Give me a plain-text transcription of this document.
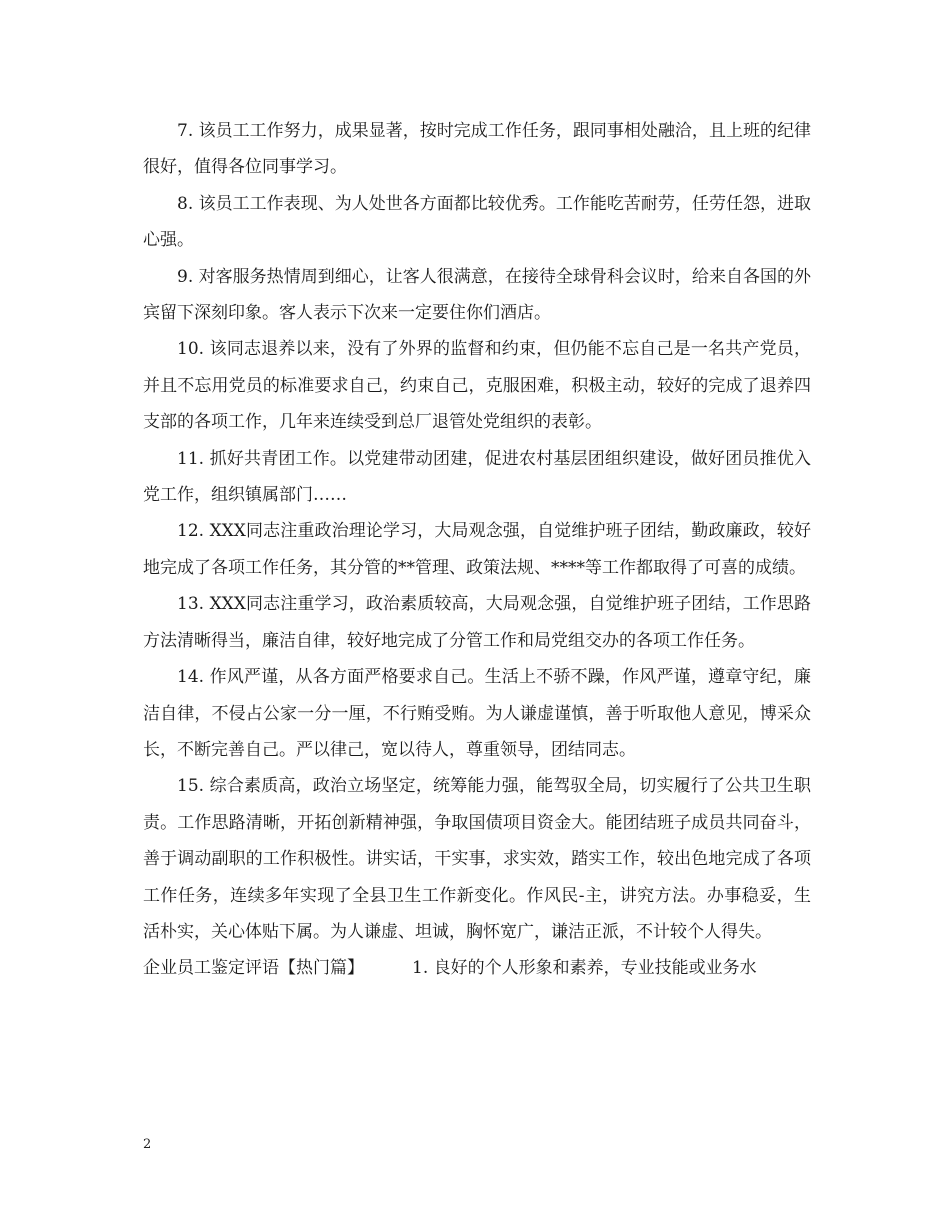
7. 该员工工作努力，成果显著，按时完成工作任务，跟同事相处融洽，且上班的纪律很好，值得各位同事学习。

8. 该员工工作表现、为人处世各方面都比较优秀。工作能吃苦耐劳，任劳任怨，进取心强。

9. 对客服务热情周到细心，让客人很满意，在接待全球骨科会议时，给来自各国的外宾留下深刻印象。客人表示下次来一定要住你们酒店。

10. 该同志退养以来，没有了外界的监督和约束，但仍能不忘自己是一名共产党员，并且不忘用党员的标准要求自己，约束自己，克服困难，积极主动，较好的完成了退养四支部的各项工作，几年来连续受到总厂退管处党组织的表彰。

11. 抓好共青团工作。以党建带动团建，促进农村基层团组织建设，做好团员推优入党工作，组织镇属部门……

12. XXX同志注重政治理论学习，大局观念强，自觉维护班子团结，勤政廉政，较好地完成了各项工作任务，其分管的**管理、政策法规、****等工作都取得了可喜的成绩。

13. XXX同志注重学习，政治素质较高，大局观念强，自觉维护班子团结，工作思路方法清晰得当，廉洁自律，较好地完成了分管工作和局党组交办的各项工作任务。

14. 作风严谨，从各方面严格要求自己。生活上不骄不躁，作风严谨，遵章守纪，廉洁自律，不侵占公家一分一厘，不行贿受贿。为人谦虚谨慎，善于听取他人意见，博采众长，不断完善自己。严以律己，宽以待人，尊重领导，团结同志。

15. 综合素质高，政治立场坚定，统筹能力强，能驾驭全局，切实履行了公共卫生职责。工作思路清晰，开拓创新精神强，争取国债项目资金大。能团结班子成员共同奋斗，善于调动副职的工作积极性。讲实话，干实事，求实效，踏实工作，较出色地完成了各项工作任务，连续多年实现了全县卫生工作新变化。作风民-主，讲究方法。办事稳妥，生活朴实，关心体贴下属。为人谦虚、坦诚，胸怀宽广，谦洁正派，不计较个人得失。

企业员工鉴定评语【热门篇】	1. 良好的个人形象和素养，专业技能或业务水

2
